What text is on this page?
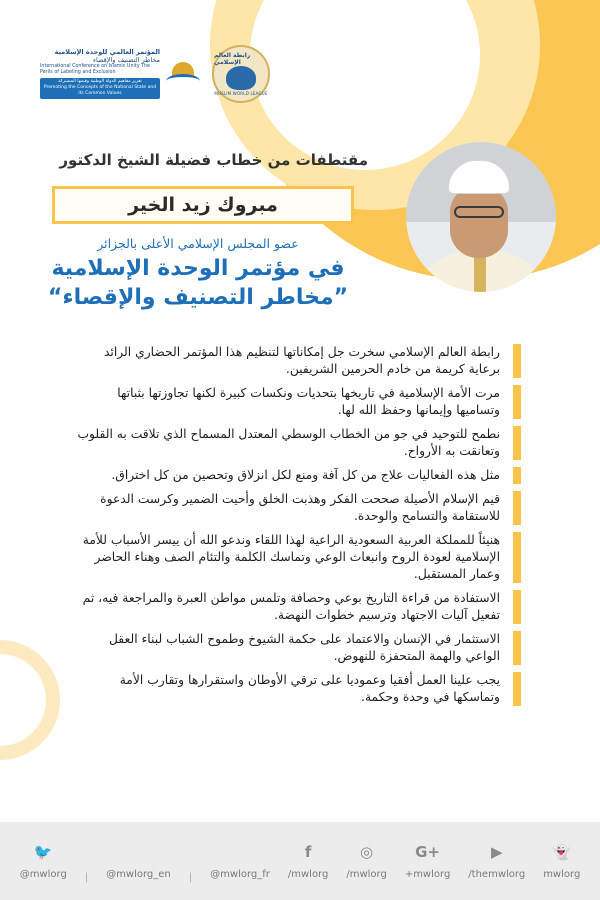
المؤتمر العالمي للوحدة الإسلامية
مخاطر التصنيف والإقصاء
International Conference on Islamic Unity The Perils of Labeling and Exclusion
تعزيز مفاهيم الدولة الوطنية وقيمها المشتركة
Promoting the Concepts of the National State and its Common Values
رابطة العالم الإسلامي
MUSLIM WORLD LEAGUE
مقتطفات من خطاب فضيلة الشيخ الدكتور
مبروك زيد الخير
عضو المجلس الإسلامي الأعلى بالجزائر
في مؤتمر الوحدة الإسلامية
”مخاطر التصنيف والإقصاء“
رابطة العالم الإسلامي سخرت جل إمكاناتها لتنظيم هذا المؤتمر الحضاري الرائد برعاية كريمة من خادم الحرمين الشريفين.
مرت الأمة الإسلامية في تاريخها بتحديات ونكسات كبيرة لكنها تجاوزتها بثباتها وتساميها وإيمانها وحفظ الله لها.
نطمح للتوحيد في جو من الخطاب الوسطي المعتدل المسماح الذي تلاقت به القلوب وتعانقت به الأرواح.
مثل هذه الفعاليات علاج من كل آفة ومنع لكل انزلاق وتحصين من كل اختراق.
قيم الإسلام الأصيلة صححت الفكر وهذبت الخلق وأحيت الضمير وكرست الدعوة للاستقامة والتسامح والوحدة.
هنيئاً للمملكة العربية السعودية الراعية لهذا اللقاء وندعو الله أن ييسر الأسباب للأمة الإسلامية لعودة الروح وانبعاث الوعي وتماسك الكلمة والتئام الصف وهناء الحاضر وعمار المستقبل.
الاستفادة من قراءة التاريخ بوعي وحصافة وتلمس مواطن العبرة والمراجعة فيه، ثم تفعيل آليات الاجتهاد وترسيم خطوات النهضة.
الاستثمار في الإنسان والاعتماد على حكمة الشيوخ وطموح الشباب لبناء العقل الواعي والهمة المتحفزة للنهوض.
يجب علينا العمل أفقيا وعموديا على ترقي الأوطان واستقرارها وتقارب الأمة وتماسكها في وحدة وحكمة.
🐦
@mwlorg | @mwlorg_en | @mwlorg_fr
f
/mwlorg
◎
/mwlorg
G+
+mwlorg
▶
/themwlorg
👻
mwlorg
